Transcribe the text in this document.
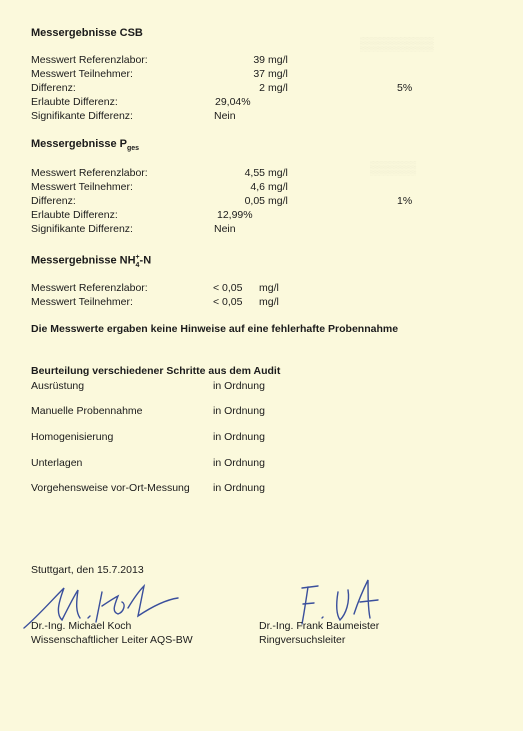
▒▒▒▒▒▒▒▒
▒▒▒▒▒
Messergebnisse CSB
Messwert Referenzlabor:	39 mg/l
Messwert Teilnehmer:	37 mg/l
Differenz:	2 mg/l	5%
Erlaubte Differenz:	29,04%
Signifikante Differenz:	Nein
Messergebnisse $P_{ges}$
Messwert Referenzlabor:	4,55 mg/l
Messwert Teilnehmer:	4,6 mg/l
Differenz:	0,05 mg/l	1%
Erlaubte Differenz:	12,99%
Signifikante Differenz:	Nein
Messergebnisse $NH_4^+-N$
Messwert Referenzlabor:	< 0,05 mg/l
Messwert Teilnehmer:	< 0,05 mg/l
Die Messwerte ergaben keine Hinweise auf eine fehlerhafte Probennahme
Beurteilung verschiedener Schritte aus dem Audit
Ausrüstung	in Ordnung
Manuelle Probennahme	in Ordnung
Homogenisierung	in Ordnung
Unterlagen	in Ordnung
Vorgehensweise vor-Ort-Messung in Ordnung
Stuttgart, den 15.7.2013
Dr.-Ing. Michael Koch
Wissenschaftlicher Leiter AQS-BW
Dr.-Ing. Frank Baumeister
Ringversuchsleiter
